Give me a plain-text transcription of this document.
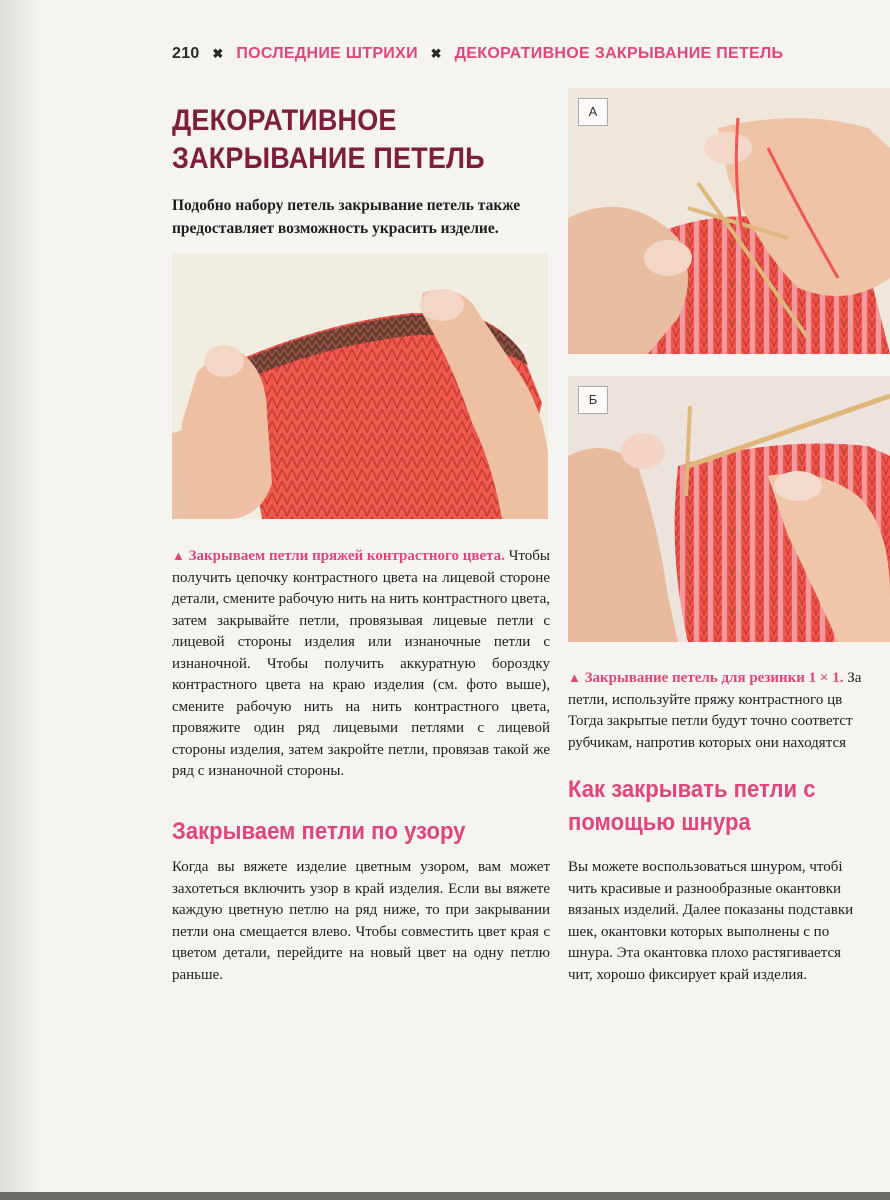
210 ✖ ПОСЛЕДНИЕ ШТРИХИ ✖ ДЕКОРАТИВНОЕ ЗАКРЫВАНИЕ ПЕТЕЛЬ
ДЕКОРАТИВНОЕ
ЗАКРЫВАНИЕ ПЕТЕЛЬ

Подобно набору петель закрывание петель также предоставляет возможность украсить изделие.

А
Б

▲ Закрываем петли пряжей контрастного цвета. Чтобы получить цепочку контрастного цвета на лицевой стороне детали, смените рабочую нить на нить контрастного цвета, затем закрывайте петли, провязывая лицевые петли с лицевой стороны изделия или изнаночные петли с изнаночной. Чтобы получить аккуратную бороздку контрастного цвета на краю изделия (см. фото выше), смените рабочую нить на нить контрастного цвета, провяжите один ряд лицевыми петлями с лицевой стороны изделия, затем закройте петли, провязав такой же ряд с изнаночной стороны.

▲ Закрывание петель для резинки 1 × 1. За
петли, используйте пряжу контрастного цв
Тогда закрытые петли будут точно соответст
рубчикам, напротив которых они находятся

Закрываем петли по узору

Когда вы вяжете изделие цветным узором, вам может захотеться включить узор в край изделия. Если вы вяжете каждую цветную петлю на ряд ниже, то при закрывании петли она смещается влево. Чтобы совместить цвет края с цветом детали, перейдите на новый цвет на одну петлю раньше.

Как закрывать петли с помощью шнура

Вы можете воспользоваться шнуром, чтобі
чить красивые и разнообразные окантовки
вязаных изделий. Далее показаны подставки
шек, окантовки которых выполнены с по
шнура. Эта окантовка плохо растягивается
чит, хорошо фиксирует край изделия.
